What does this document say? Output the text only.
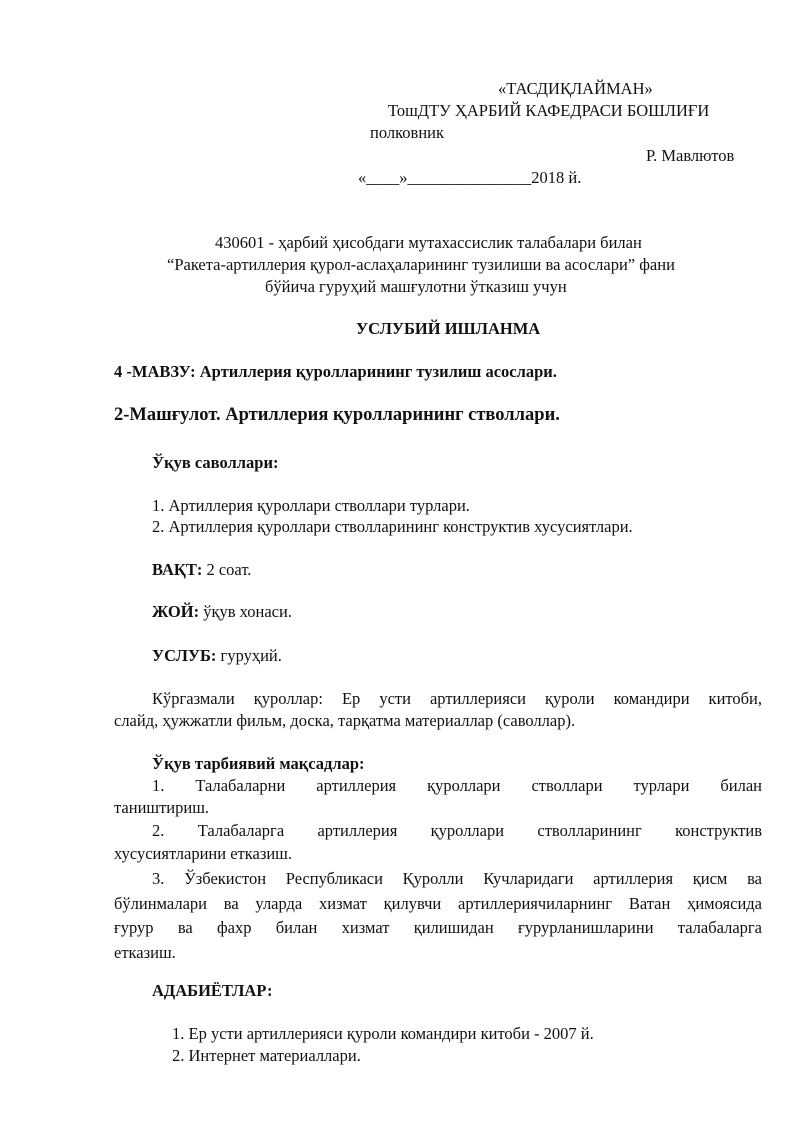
«ТАСДИҚЛАЙМАН»
ТошДТУ ҲАРБИЙ КАФЕДРАСИ БОШЛИҒИ
полковник
Р. Мавлютов
«____»_______________2018 й.
430601 - ҳарбий ҳисобдаги мутахассислик талабалари билан
“Ракета-артиллерия қурол-аслаҳаларининг тузилиши ва асослари” фани
бўйича гуруҳий машғулотни ўтказиш учун
УСЛУБИЙ ИШЛАНМА
4 -МАВЗУ: Артиллерия қуролларининг тузилиш асослари.
2-Машғулот. Артиллерия қуролларининг стволлари.
Ўқув саволлари:
1. Артиллерия қуроллари стволлари турлари.
2. Артиллерия қуроллари стволларининг конструктив хусусиятлари.
ВАҚТ: 2 соат.
ЖОЙ: ўқув хонаси.
УСЛУБ: гуруҳий.
Кўргазмали қуроллар: Ер усти артиллерияси қуроли командири китоби,
слайд, ҳужжатли фильм, доска, тарқатма материаллар (саволлар).
Ўқув тарбиявий мақсадлар:
1. Талабаларни артиллерия қуроллари стволлари турлари билан
таништириш.
2. Талабаларга артиллерия қуроллари стволларининг конструктив
хусусиятларини етказиш.
3. Ўзбекистон Республикаси Қуролли Кучларидаги артиллерия қисм ва
бўлинмалари ва уларда хизмат қилувчи артиллериячиларнинг Ватан ҳимоясида
ғурур ва фахр билан хизмат қилишидан ғурурланишларини талабаларга
етказиш.
АДАБИЁТЛАР:
1. Ер усти артиллерияси қуроли командири китоби - 2007 й.
2. Интернет материаллари.
